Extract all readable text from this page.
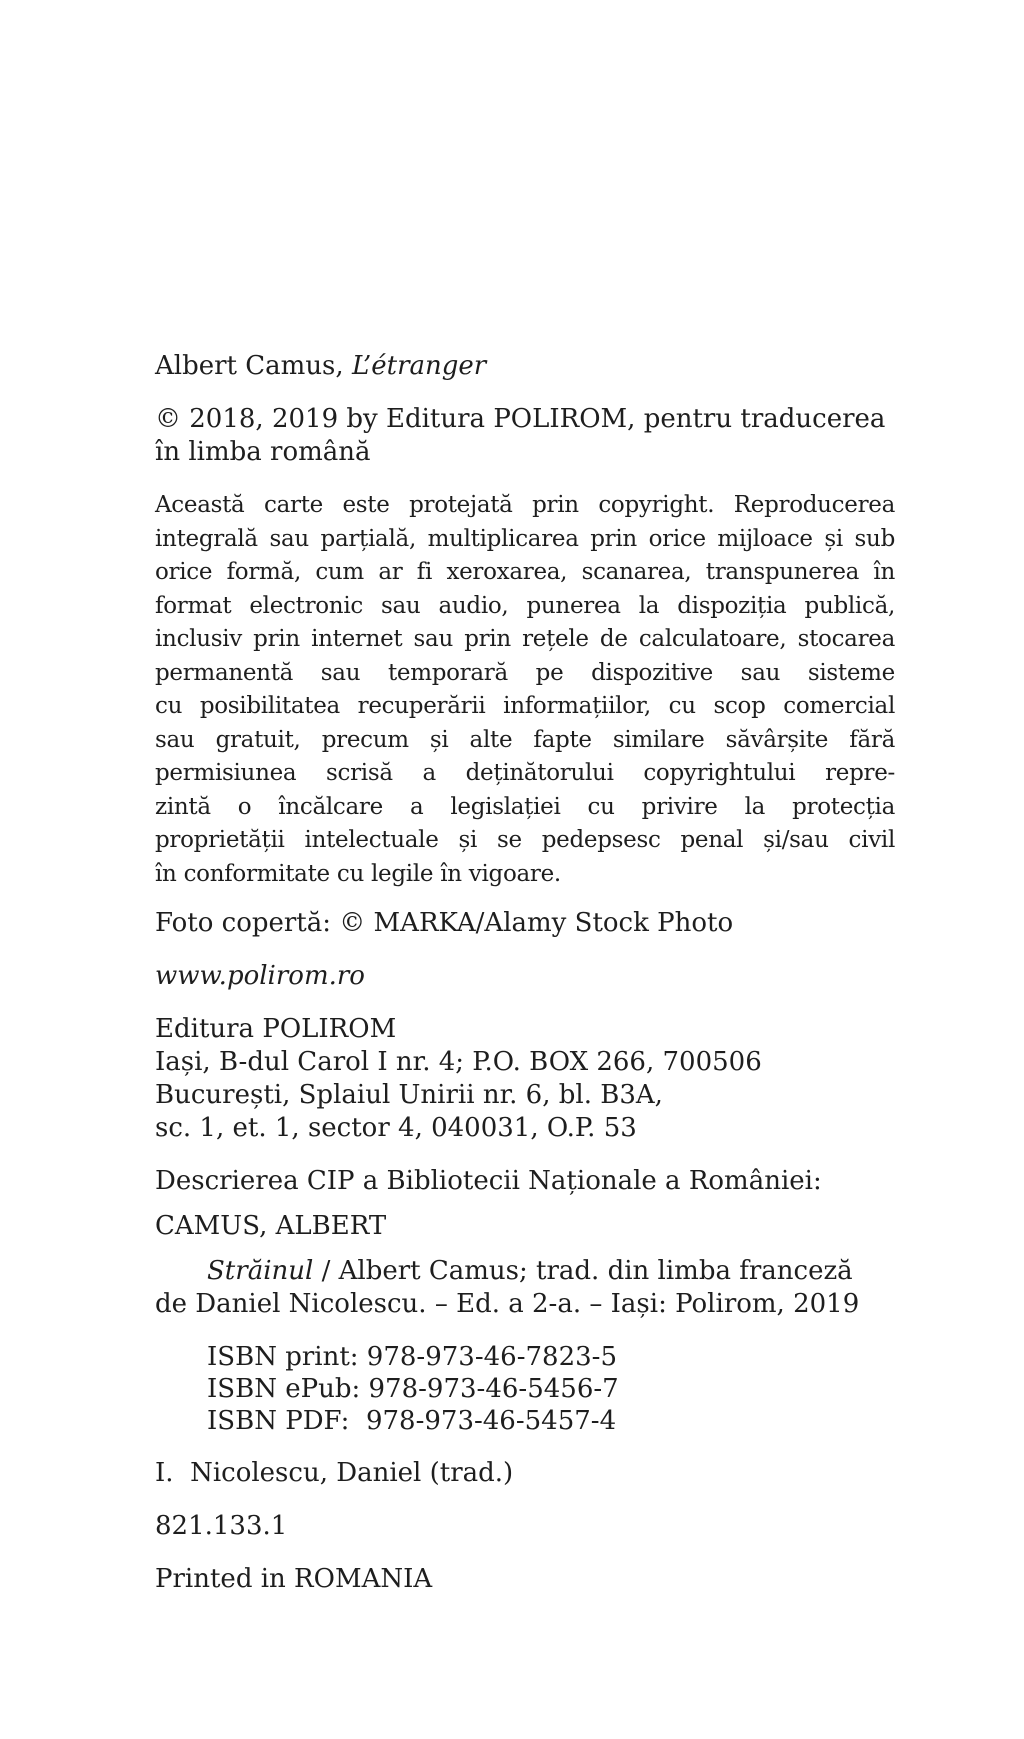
Albert Camus, L’étranger
© 2018, 2019 by Editura POLIROM, pentru traducerea
în limba română
Această carte este protejată prin copyright. Reproducerea
integrală sau parțială, multiplicarea prin orice mijloace și sub
orice formă, cum ar fi xeroxarea, scanarea, transpunerea în
format electronic sau audio, punerea la dispoziția publică,
inclusiv prin internet sau prin rețele de calculatoare, stocarea
permanentă sau temporară pe dispozitive sau sisteme
cu posibilitatea recuperării informațiilor, cu scop comercial
sau gratuit, precum și alte fapte similare săvârșite fără
permisiunea scrisă a deținătorului copyrightului repre-
zintă o încălcare a legislației cu privire la protecția
proprietății intelectuale și se pedepsesc penal și/sau civil
în conformitate cu legile în vigoare.
Foto copertă: © MARKA/Alamy Stock Photo
www.polirom.ro
Editura POLIROM
Iași, B-dul Carol I nr. 4; P.O. BOX 266, 700506
București, Splaiul Unirii nr. 6, bl. B3A,
sc. 1, et. 1, sector 4, 040031, O.P. 53
Descrierea CIP a Bibliotecii Naționale a României:
CAMUS, ALBERT
Străinul / Albert Camus; trad. din limba franceză
de Daniel Nicolescu. – Ed. a 2-a. – Iași: Polirom, 2019
ISBN print: 978-973-46-7823-5
ISBN ePub: 978-973-46-5456-7
ISBN PDF:  978-973-46-5457-4
I.  Nicolescu, Daniel (trad.)
821.133.1
Printed in ROMANIA
